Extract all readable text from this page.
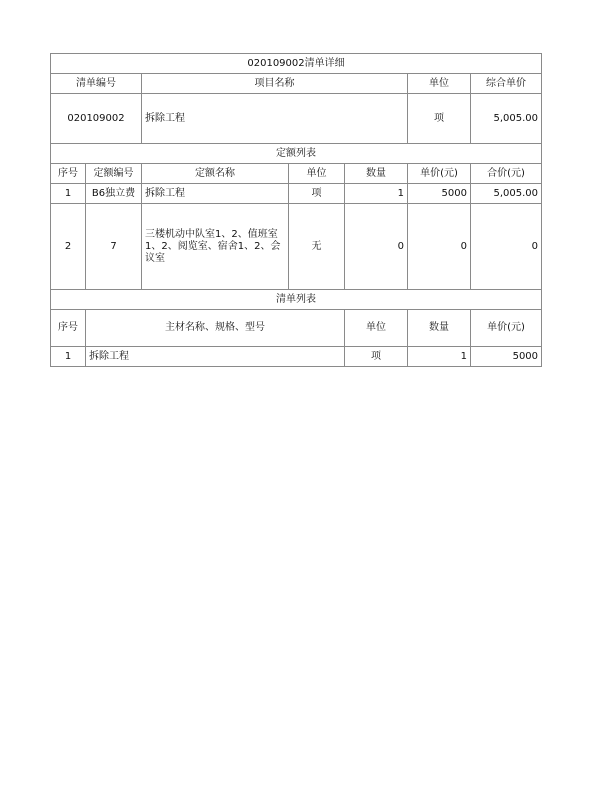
020109002清单详细							
清单编号		项目名称			单位	综合单价	
020109002		拆除工程			项	5,005.00	
定额列表							
序号	定额编号	定额名称	单位	数量	单价(元)	合价(元)	
1	B6独立费	拆除工程	项	1	5000	5,005.00	
2	7	三楼机动中队室1、2、值班室1、2、阅览室、宿舍1、2、会议室	无	0	0	0	
清单列表							
序号	主材名称、规格、型号			单位	数量	单价(元)	
1	拆除工程			项	1	5000	
